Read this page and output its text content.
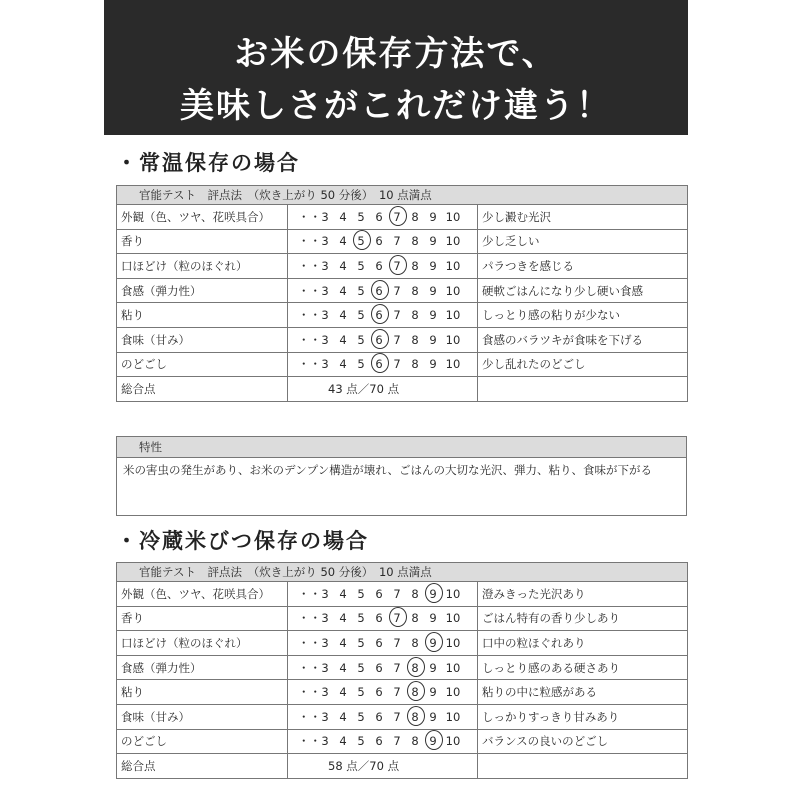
お米の保存方法で、
美味しさがこれだけ違う！
・常温保存の場合
官能テスト　評点法　（炊き上がり 50 分後）　10 点満点		
外観（色、ツヤ、花咲具合）	・・3 4 5 6 7 8 9 10	少し澱む光沢
香り	・・3 4 5 6 7 8 9 10	少し乏しい
口ほどけ（粒のほぐれ）	・・3 4 5 6 7 8 9 10	パラつきを感じる
食感（弾力性）	・・3 4 5 6 7 8 9 10	硬軟ごはんになり少し硬い食感
粘り	・・3 4 5 6 7 8 9 10	しっとり感の粘りが少ない
食味（甘み）	・・3 4 5 6 7 8 9 10	食感のバラツキが食味を下げる
のどごし	・・3 4 5 6 7 8 9 10	少し乱れたのどごし
総合点	43 点／70 点	
特性
米の害虫の発生があり、お米のデンプン構造が壊れ、ごはんの大切な光沢、弾力、粘り、食味が下がる
・冷蔵米びつ保存の場合
官能テスト　評点法　（炊き上がり 50 分後）　10 点満点		
外観（色、ツヤ、花咲具合）	・・3 4 5 6 7 8 9 10	澄みきった光沢あり
香り	・・3 4 5 6 7 8 9 10	ごはん特有の香り少しあり
口ほどけ（粒のほぐれ）	・・3 4 5 6 7 8 9 10	口中の粒ほぐれあり
食感（弾力性）	・・3 4 5 6 7 8 9 10	しっとり感のある硬さあり
粘り	・・3 4 5 6 7 8 9 10	粘りの中に粒感がある
食味（甘み）	・・3 4 5 6 7 8 9 10	しっかりすっきり甘みあり
のどごし	・・3 4 5 6 7 8 9 10	バランスの良いのどごし
総合点	58 点／70 点	
